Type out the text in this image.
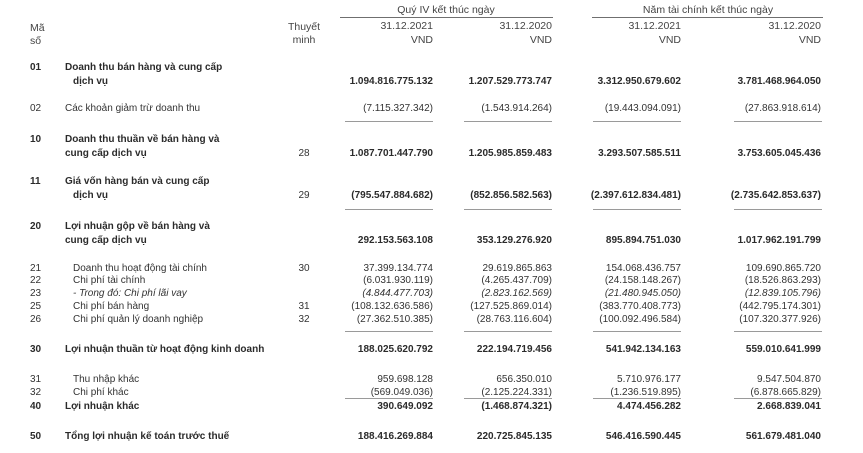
Mã
số
Thuyết
minh
Quý IV kết thúc ngày	Năm tài chính kết thúc ngày
31.12.2021	31.12.2020	31.12.2021	31.12.2020
VND	VND	VND	VND
01 Doanh thu bán hàng và cung cấp
dịch vụ	1.094.816.775.132	1.207.529.773.747	3.312.950.679.602	3.781.468.964.050
02 Các khoản giảm trừ doanh thu	(7.115.327.342)	(1.543.914.264)	(19.443.094.091)	(27.863.918.614)
10 Doanh thu thuần về bán hàng và
cung cấp dịch vụ	28	1.087.701.447.790	1.205.985.859.483	3.293.507.585.511	3.753.605.045.436
11 Giá vốn hàng bán và cung cấp
dịch vụ	29	(795.547.884.682)	(852.856.582.563)	(2.397.612.834.481)	(2.735.642.853.637)
20 Lợi nhuận gộp về bán hàng và
cung cấp dịch vụ	292.153.563.108	353.129.276.920	895.894.751.030	1.017.962.191.799
21	Doanh thu hoạt động tài chính	30	37.399.134.774	29.619.865.863	154.068.436.757	109.690.865.720
22	Chi phí tài chính	(6.031.930.119)	(4.265.437.709)	(24.158.148.267)	(18.526.863.293)
23	- Trong đó: Chi phí lãi vay	(4.844.477.703)	(2.823.162.569)	(21.480.945.050)	(12.839.105.796)
25	Chi phí bán hàng	31	(108.132.636.586)	(127.525.869.014)	(383.770.408.773)	(442.795.174.301)
26	Chi phí quản lý doanh nghiệp	32	(27.362.510.385)	(28.763.116.604)	(100.092.496.584)	(107.320.377.926)
30 Lợi nhuận thuần từ hoạt động kinh doanh	188.025.620.792	222.194.719.456	541.942.134.163	559.010.641.999
31	Thu nhập khác	959.698.128	656.350.010	5.710.976.177	9.547.504.870
32	Chi phí khác	(569.049.036)	(2.125.224.331)	(1.236.519.895)	(6.878.665.829)
40 Lợi nhuận khác	390.649.092	(1.468.874.321)	4.474.456.282	2.668.839.041
50 Tổng lợi nhuận kế toán trước thuế	188.416.269.884	220.725.845.135	546.416.590.445	561.679.481.040
